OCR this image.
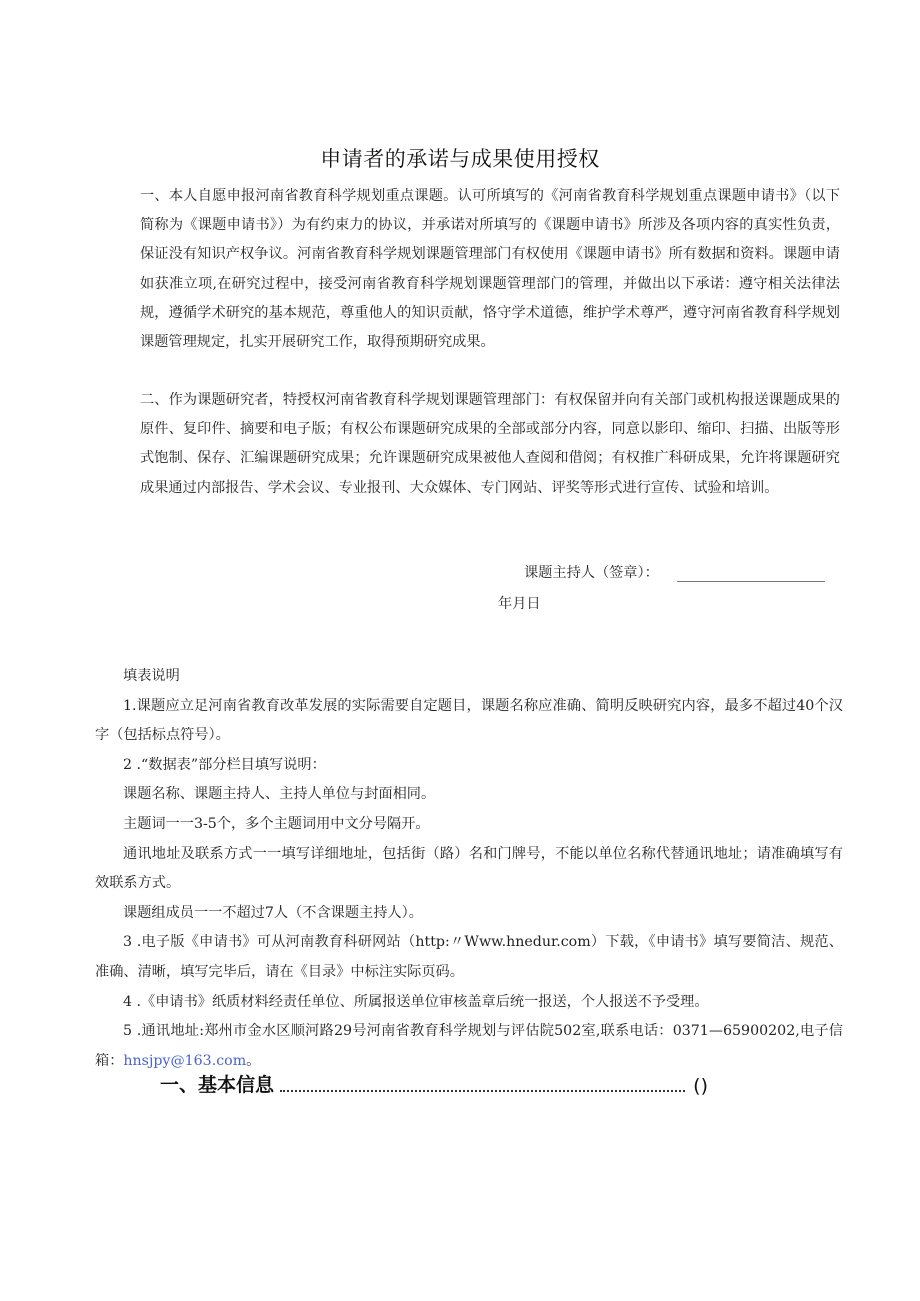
申请者的承诺与成果使用授权

一、本人自愿申报河南省教育科学规划重点课题。认可所填写的《河南省教育科学规划重点课题申请书》（以下简称为《课题申请书》）为有约束力的协议，并承诺对所填写的《课题申请书》所涉及各项内容的真实性负责，保证没有知识产权争议。河南省教育科学规划课题管理部门有权使用《课题申请书》所有数据和资料。课题申请如获准立项,在研究过程中，接受河南省教育科学规划课题管理部门的管理，并做出以下承诺：遵守相关法律法规，遵循学术研究的基本规范，尊重他人的知识贡献，恪守学术道德，维护学术尊严，遵守河南省教育科学规划课题管理规定，扎实开展研究工作，取得预期研究成果。

二、作为课题研究者，特授权河南省教育科学规划课题管理部门：有权保留并向有关部门或机构报送课题成果的原件、复印件、摘要和电子版；有权公布课题研究成果的全部或部分内容，同意以影印、缩印、扫描、出版等形式饱制、保存、汇编课题研究成果；允许课题研究成果被他人查阅和借阅；有权推广科研成果，允许将课题研究成果通过内部报告、学术会议、专业报刊、大众媒体、专门网站、评奖等形式进行宣传、试验和培训。

课题主持人（签章）：
年月日

填表说明

1.课题应立足河南省教育改革发展的实际需要自定题目，课题名称应准确、简明反映研究内容，最多不超过40个汉字（包括标点符号）。

2 .“数据表”部分栏目填写说明：

课题名称、课题主持人、主持人单位与封面相同。

主题词一一3-5个，多个主题词用中文分号隔开。

通讯地址及联系方式一一填写详细地址，包括街（路）名和门牌号，不能以单位名称代替通讯地址；请准确填写有效联系方式。

课题组成员一一不超过7人（不含课题主持人）。

3 .电子版《申请书》可从河南教育科研网站（http:〃Www.hnedur.com）下载，《申请书》填写要简洁、规范、准确、清晰，填写完毕后，请在《目录》中标注实际页码。

4 .《申请书》纸质材料经责任单位、所属报送单位审核盖章后统一报送，个人报送不予受理。

5 .通讯地址:郑州市金水区顺河路29号河南省教育科学规划与评估院502室,联系电话：0371—65900202,电子信箱：hnsjpy@163.com。

一、基本信息	()
